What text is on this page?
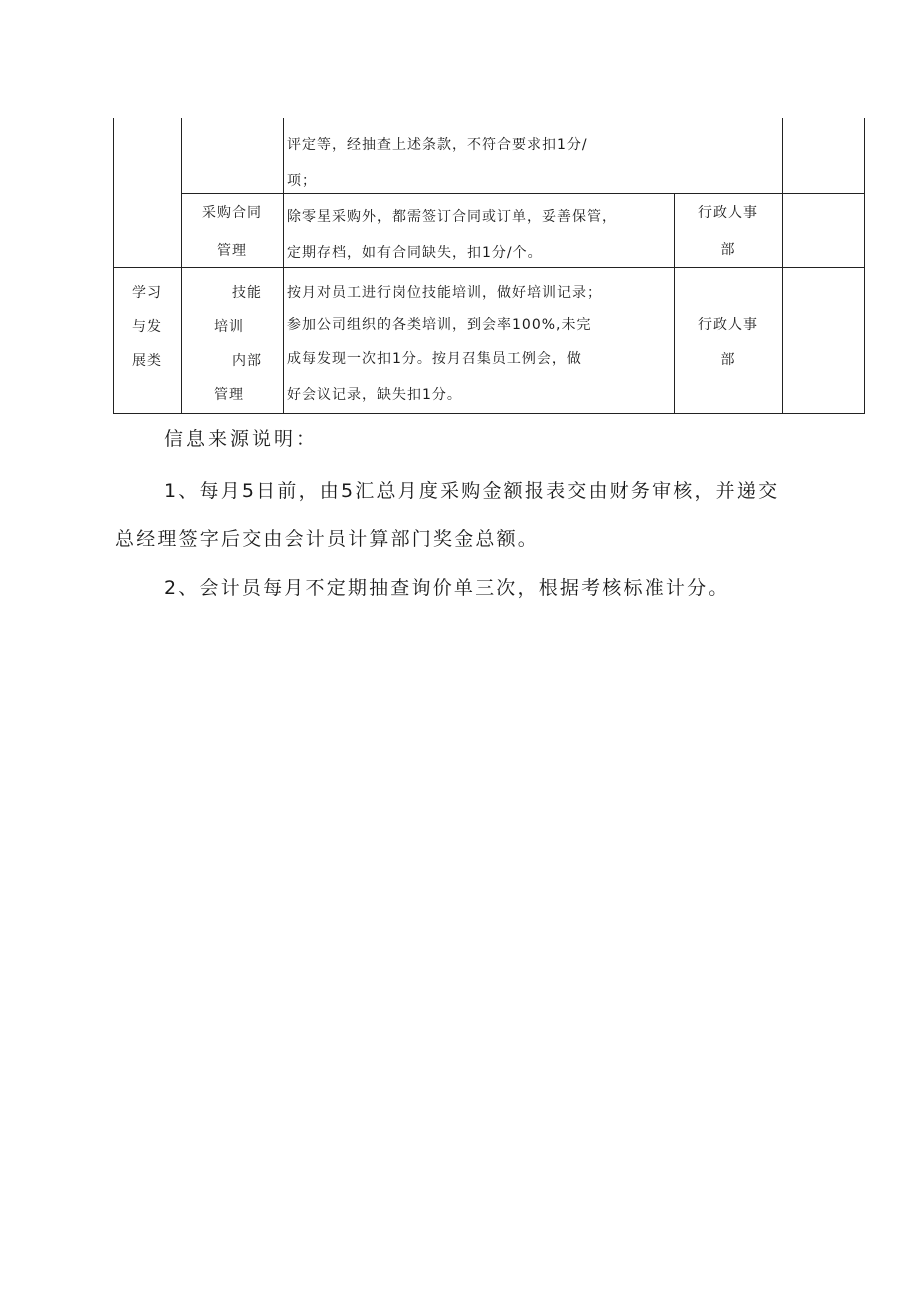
评定等，经抽查上述条款，不符合要求扣1分/
项；
采购合同
管理
除零星采购外，都需签订合同或订单，妥善保管，
定期存档，如有合同缺失，扣1分/个。
行政人事
部
学习
与发
展类
技能
培训
内部
管理
按月对员工进行岗位技能培训，做好培训记录；
参加公司组织的各类培训，到会率100%,未完
成每发现一次扣1分。按月召集员工例会，做
好会议记录，缺失扣1分。
行政人事
部
信息来源说明：
1、每月5日前，由5汇总月度采购金额报表交由财务审核，并递交
总经理签字后交由会计员计算部门奖金总额。
2、会计员每月不定期抽查询价单三次，根据考核标准计分。
